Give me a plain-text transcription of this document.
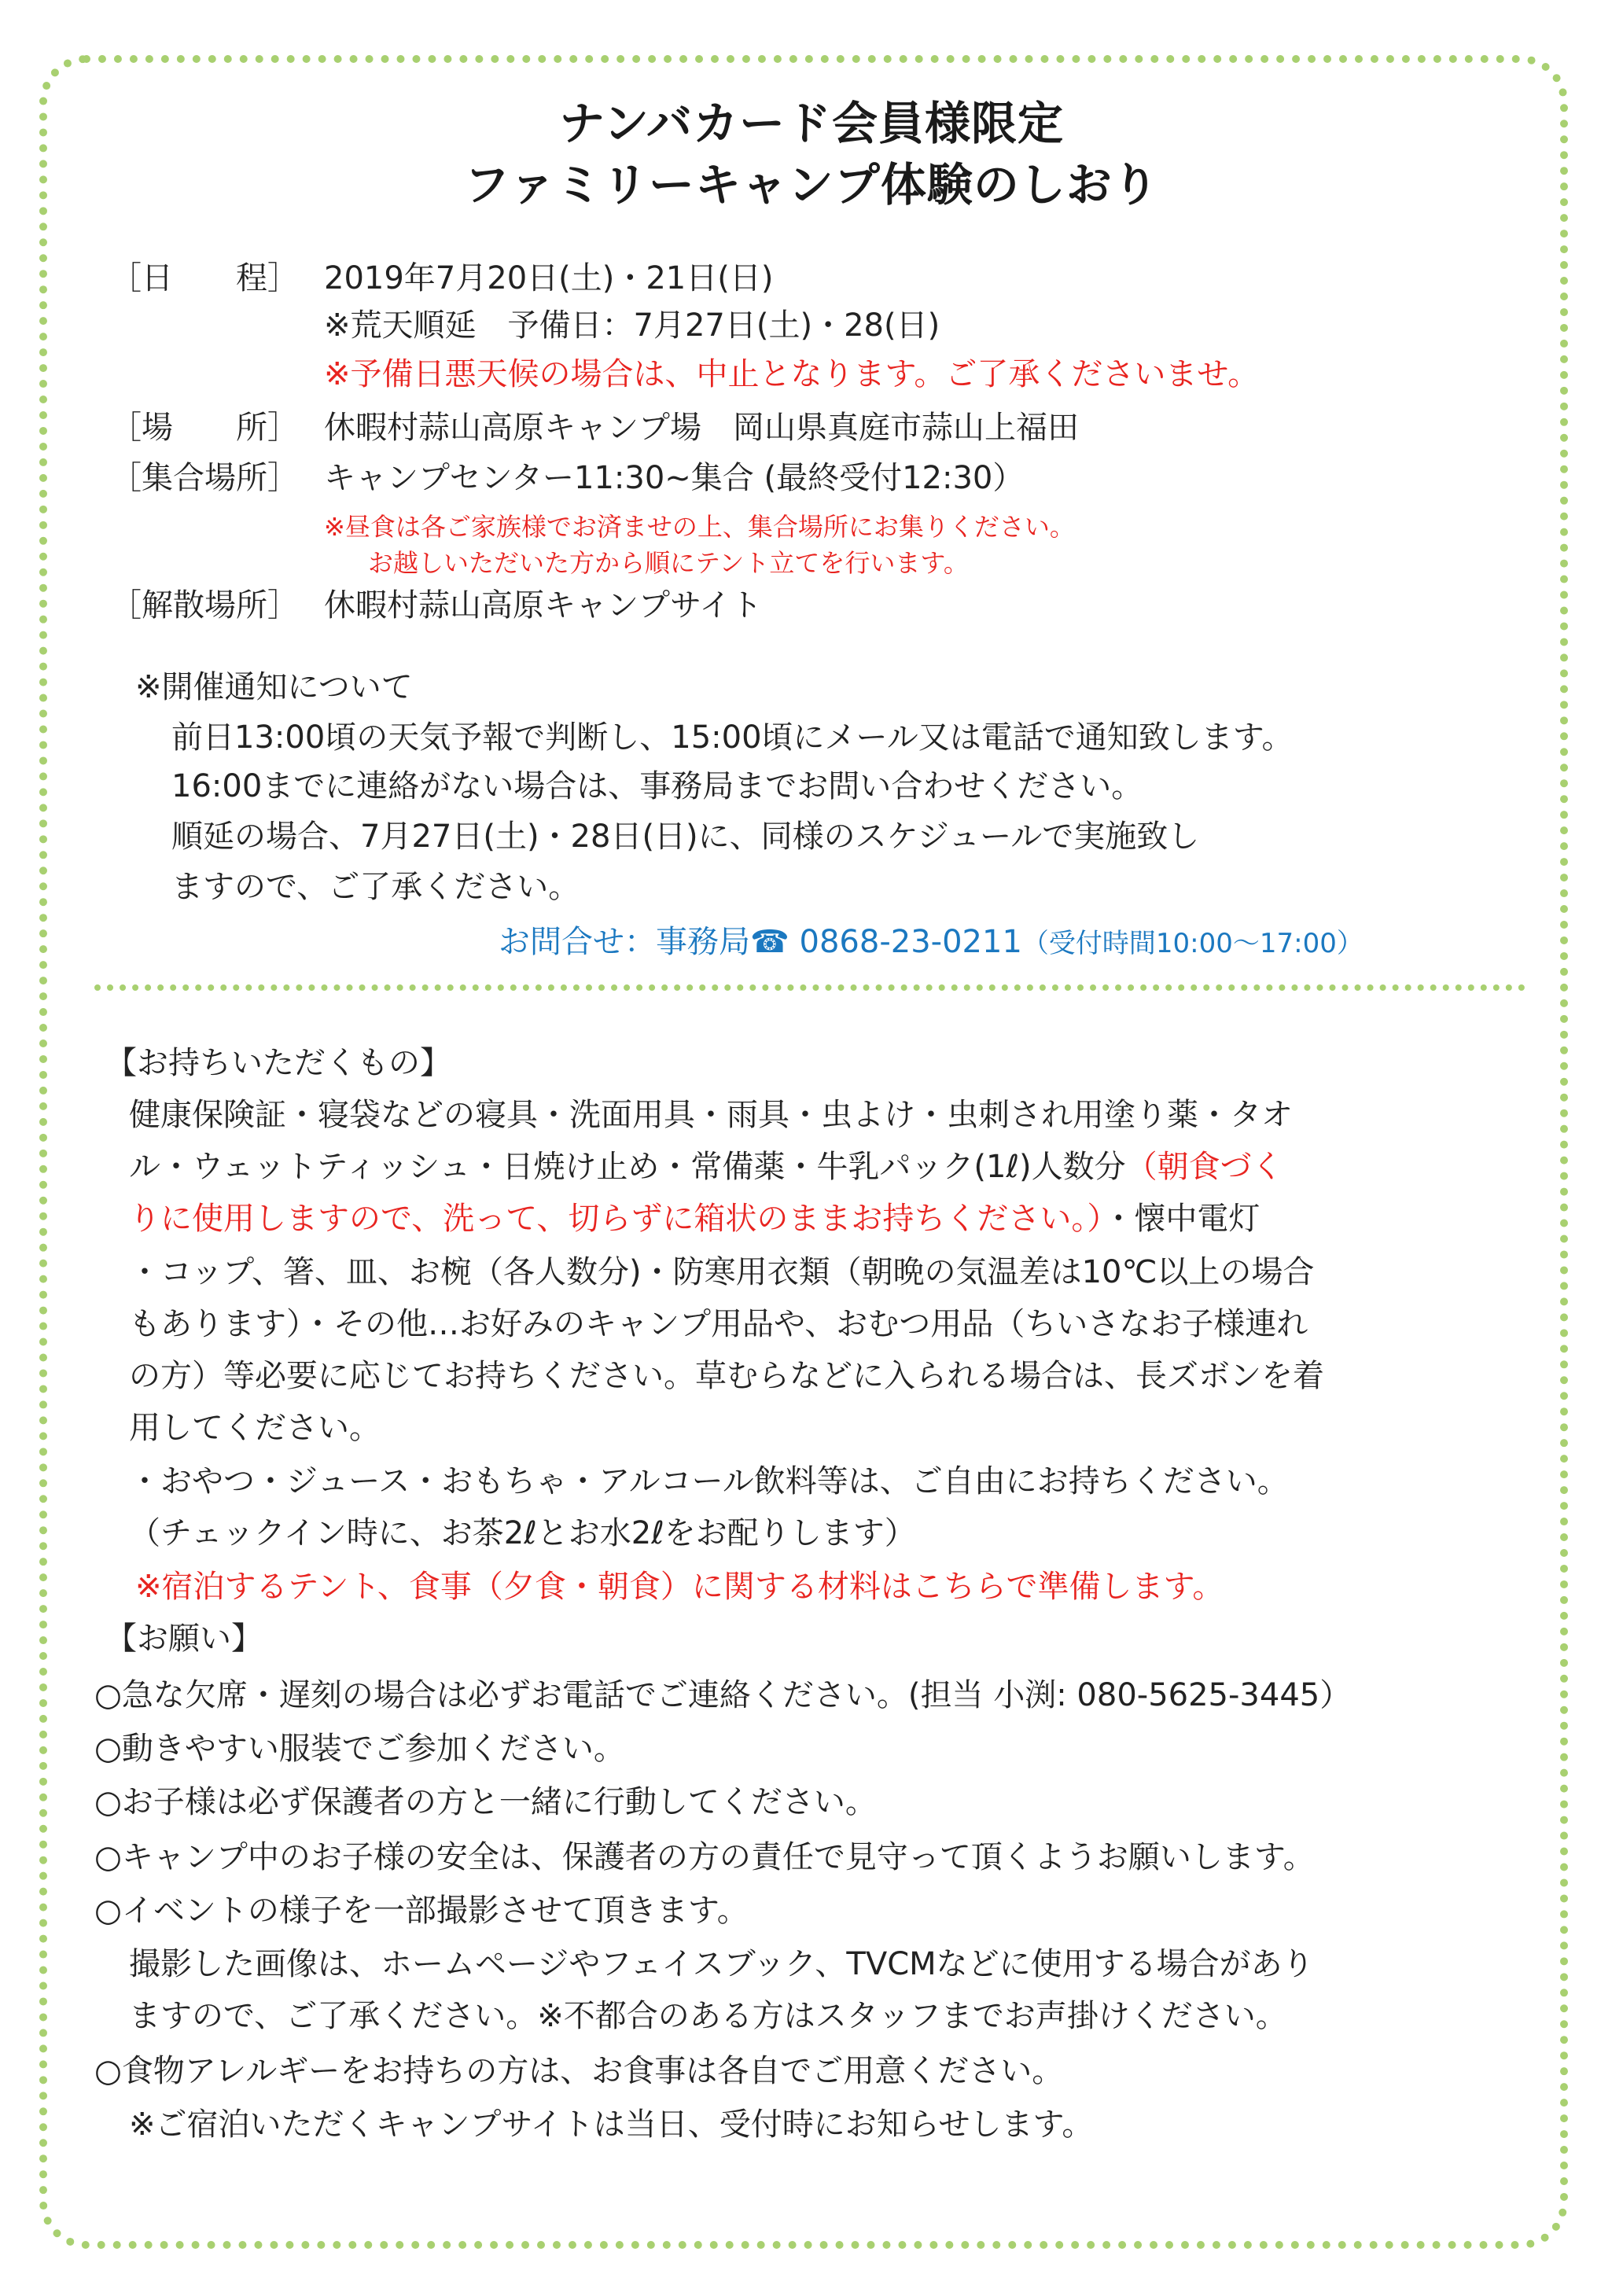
ナンバカード会員様限定
ファミリーキャンプ体験のしおり
［日　　程］ 2019年7月20日(土)・21日(日)
※荒天順延　予備日：7月27日(土)・28(日)
※予備日悪天候の場合は、中止となります。ご了承くださいませ。
［場　　所］ 休暇村蒜山高原キャンプ場　岡山県真庭市蒜山上福田
［集合場所］ キャンプセンター11:30~集合 (最終受付12:30）
※昼食は各ご家族様でお済ませの上、集合場所にお集りください。
お越しいただいた方から順にテント立てを行います。
［解散場所］ 休暇村蒜山高原キャンプサイト
※開催通知について
前日13:00頃の天気予報で判断し、15:00頃にメール又は電話で通知致します。
16:00までに連絡がない場合は、事務局までお問い合わせください。
順延の場合、7月27日(土)・28日(日)に、同様のスケジュールで実施致し
ますので、ご了承ください。
お問合せ：事務局☎ 0868-23-0211（受付時間10:00～17:00）
【お持ちいただくもの】
健康保険証・寝袋などの寝具・洗面用具・雨具・虫よけ・虫刺され用塗り薬・タオ
ル・ウェットティッシュ・日焼け止め・常備薬・牛乳パック(1ℓ)人数分（朝食づく
りに使用しますので、洗って、切らずに箱状のままお持ちください。）・懐中電灯
・コップ、箸、皿、お椀（各人数分)・防寒用衣類（朝晩の気温差は10℃以上の場合
もあります）・その他…お好みのキャンプ用品や、おむつ用品（ちいさなお子様連れ
の方）等必要に応じてお持ちください。草むらなどに入られる場合は、長ズボンを着
用してください。
・おやつ・ジュース・おもちゃ・アルコール飲料等は、ご自由にお持ちください。
（チェックイン時に、お茶2ℓとお水2ℓをお配りします）
※宿泊するテント、食事（夕食・朝食）に関する材料はこちらで準備します。
【お願い】
○急な欠席・遅刻の場合は必ずお電話でご連絡ください。(担当 小渕: 080-5625-3445）
○動きやすい服装でご参加ください。
○お子様は必ず保護者の方と一緒に行動してください。
○キャンプ中のお子様の安全は、保護者の方の責任で見守って頂くようお願いします。
○イベントの様子を一部撮影させて頂きます。
撮影した画像は、ホームページやフェイスブック、TVCMなどに使用する場合があり
ますので、ご了承ください。※不都合のある方はスタッフまでお声掛けください。
○食物アレルギーをお持ちの方は、お食事は各自でご用意ください。
※ご宿泊いただくキャンプサイトは当日、受付時にお知らせします。
